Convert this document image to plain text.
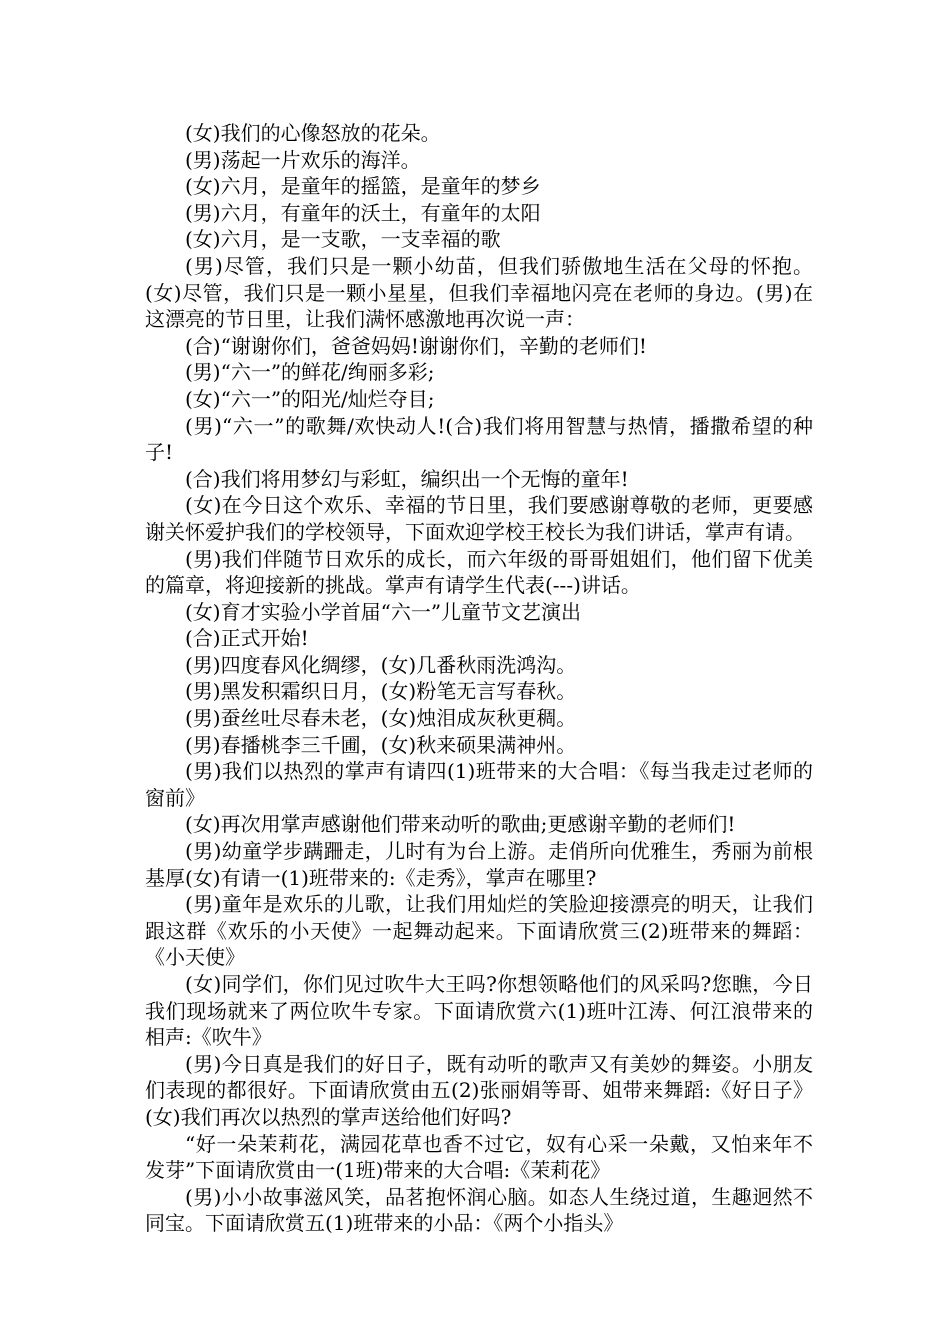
(女)我们的心像怒放的花朵。

(男)荡起一片欢乐的海洋。

(女)六月，是童年的摇篮，是童年的梦乡

(男)六月，有童年的沃土，有童年的太阳

(女)六月，是一支歌，一支幸福的歌

(男)尽管，我们只是一颗小幼苗，但我们骄傲地生活在父母的怀抱。(女)尽管，我们只是一颗小星星，但我们幸福地闪亮在老师的身边。(男)在这漂亮的节日里，让我们满怀感激地再次说一声：

(合)“谢谢你们，爸爸妈妈!谢谢你们，辛勤的老师们!

(男)“六一”的鲜花/绚丽多彩;

(女)“六一”的阳光/灿烂夺目;

(男)“六一”的歌舞/欢快动人!(合)我们将用智慧与热情，播撒希望的种子!

(合)我们将用梦幻与彩虹，编织出一个无悔的童年!

(女)在今日这个欢乐、幸福的节日里，我们要感谢尊敬的老师，更要感谢关怀爱护我们的学校领导，下面欢迎学校王校长为我们讲话，掌声有请。

(男)我们伴随节日欢乐的成长，而六年级的哥哥姐姐们，他们留下优美的篇章，将迎接新的挑战。掌声有请学生代表(---)讲话。

(女)育才实验小学首届“六一”儿童节文艺演出

(合)正式开始!

(男)四度春风化绸缪，(女)几番秋雨洗鸿沟。

(男)黑发积霜织日月，(女)粉笔无言写春秋。

(男)蚕丝吐尽春未老，(女)烛泪成灰秋更稠。

(男)春播桃李三千圃，(女)秋来硕果满神州。

(男)我们以热烈的掌声有请四(1)班带来的大合唱：《每当我走过老师的窗前》

(女)再次用掌声感谢他们带来动听的歌曲;更感谢辛勤的老师们!

(男)幼童学步蹒跚走，儿时有为台上游。走俏所向优雅生，秀丽为前根基厚(女)有请一(1)班带来的:《走秀》，掌声在哪里?

(男)童年是欢乐的儿歌，让我们用灿烂的笑脸迎接漂亮的明天，让我们跟这群《欢乐的小天使》一起舞动起来。下面请欣赏三(2)班带来的舞蹈：《小天使》

(女)同学们，你们见过吹牛大王吗?你想领略他们的风采吗?您瞧，今日我们现场就来了两位吹牛专家。下面请欣赏六(1)班叶江涛、何江浪带来的相声:《吹牛》

(男)今日真是我们的好日子，既有动听的歌声又有美妙的舞姿。小朋友们表现的都很好。下面请欣赏由五(2)张丽娟等哥、姐带来舞蹈:《好日子》(女)我们再次以热烈的掌声送给他们好吗?

“好一朵茉莉花，满园花草也香不过它，奴有心采一朵戴，又怕来年不发芽”下面请欣赏由一(1班)带来的大合唱:《茉莉花》

(男)小小故事滋风笑，品茗抱怀润心脑。如态人生绕过道，生趣迥然不同宝。下面请欣赏五(1)班带来的小品：《两个小指头》
